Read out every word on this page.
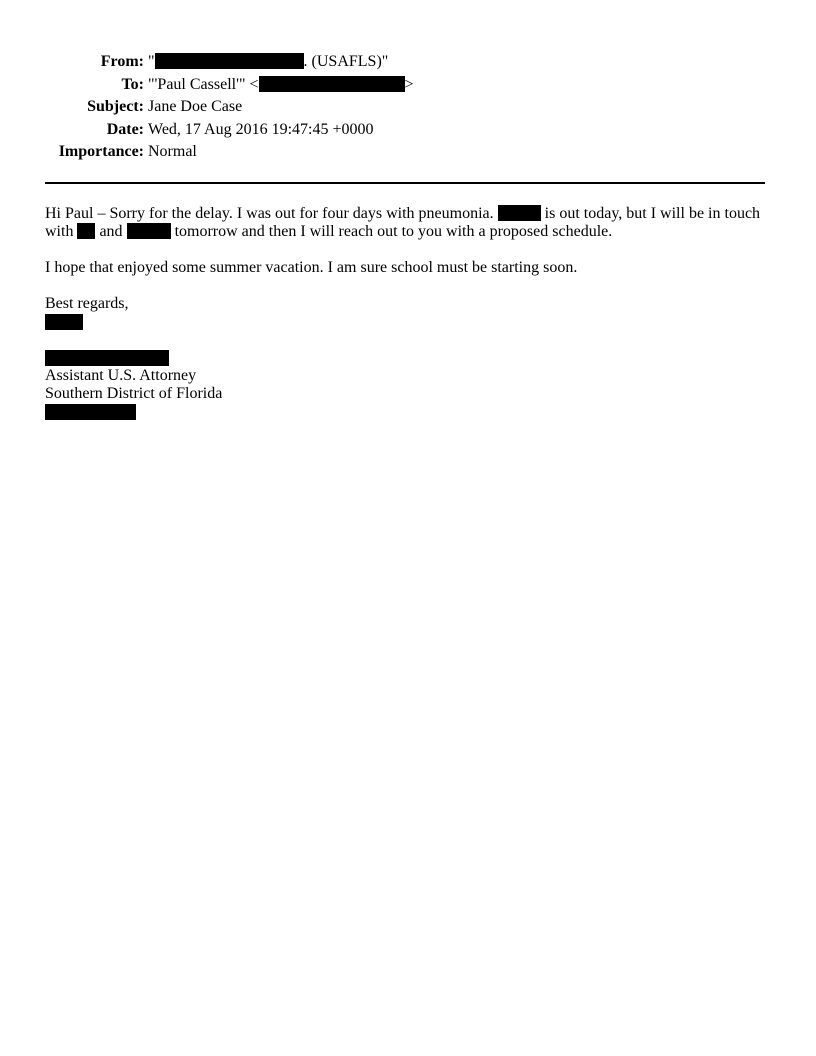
From: "	. (USAFLS)"
To: "'Paul Cassell'" <	>
Subject: Jane Doe Case
Date: Wed, 17 Aug 2016 19:47:45 +0000
Importance: Normal

Hi Paul – Sorry for the delay. I was out for four days with pneumonia.	is out today, but I will be in touch with  and	tomorrow and then I will reach out to you with a proposed schedule.

I hope that enjoyed some summer vacation. I am sure school must be starting soon.

Best regards,
Assistant U.S. Attorney
Southern District of Florida
